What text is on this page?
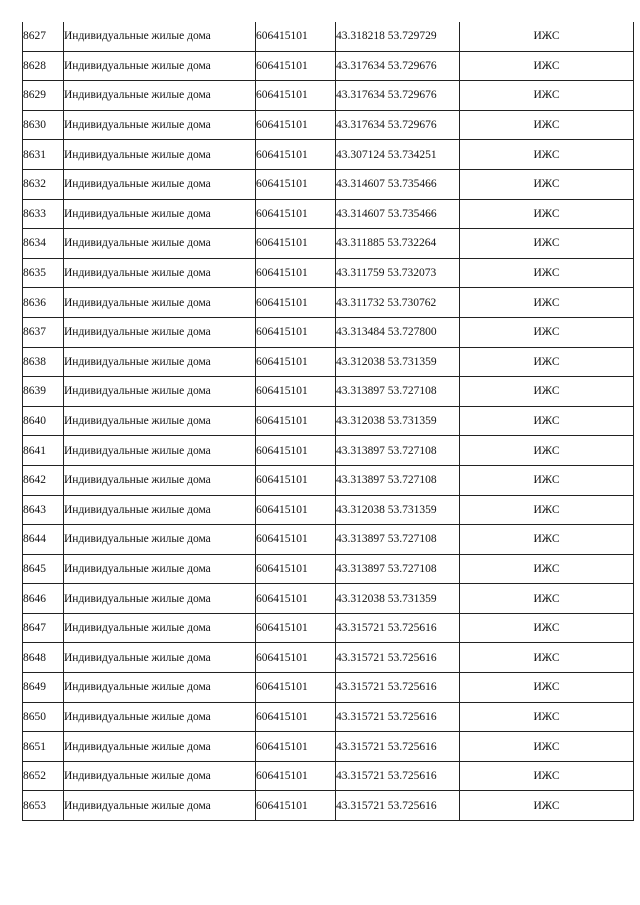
8627	Индивидуальные жилые дома	606415101	43.318218 53.729729	ИЖС
8628	Индивидуальные жилые дома	606415101	43.317634 53.729676	ИЖС
8629	Индивидуальные жилые дома	606415101	43.317634 53.729676	ИЖС
8630	Индивидуальные жилые дома	606415101	43.317634 53.729676	ИЖС
8631	Индивидуальные жилые дома	606415101	43.307124 53.734251	ИЖС
8632	Индивидуальные жилые дома	606415101	43.314607 53.735466	ИЖС
8633	Индивидуальные жилые дома	606415101	43.314607 53.735466	ИЖС
8634	Индивидуальные жилые дома	606415101	43.311885 53.732264	ИЖС
8635	Индивидуальные жилые дома	606415101	43.311759 53.732073	ИЖС
8636	Индивидуальные жилые дома	606415101	43.311732 53.730762	ИЖС
8637	Индивидуальные жилые дома	606415101	43.313484 53.727800	ИЖС
8638	Индивидуальные жилые дома	606415101	43.312038 53.731359	ИЖС
8639	Индивидуальные жилые дома	606415101	43.313897 53.727108	ИЖС
8640	Индивидуальные жилые дома	606415101	43.312038 53.731359	ИЖС
8641	Индивидуальные жилые дома	606415101	43.313897 53.727108	ИЖС
8642	Индивидуальные жилые дома	606415101	43.313897 53.727108	ИЖС
8643	Индивидуальные жилые дома	606415101	43.312038 53.731359	ИЖС
8644	Индивидуальные жилые дома	606415101	43.313897 53.727108	ИЖС
8645	Индивидуальные жилые дома	606415101	43.313897 53.727108	ИЖС
8646	Индивидуальные жилые дома	606415101	43.312038 53.731359	ИЖС
8647	Индивидуальные жилые дома	606415101	43.315721 53.725616	ИЖС
8648	Индивидуальные жилые дома	606415101	43.315721 53.725616	ИЖС
8649	Индивидуальные жилые дома	606415101	43.315721 53.725616	ИЖС
8650	Индивидуальные жилые дома	606415101	43.315721 53.725616	ИЖС
8651	Индивидуальные жилые дома	606415101	43.315721 53.725616	ИЖС
8652	Индивидуальные жилые дома	606415101	43.315721 53.725616	ИЖС
8653	Индивидуальные жилые дома	606415101	43.315721 53.725616	ИЖС
